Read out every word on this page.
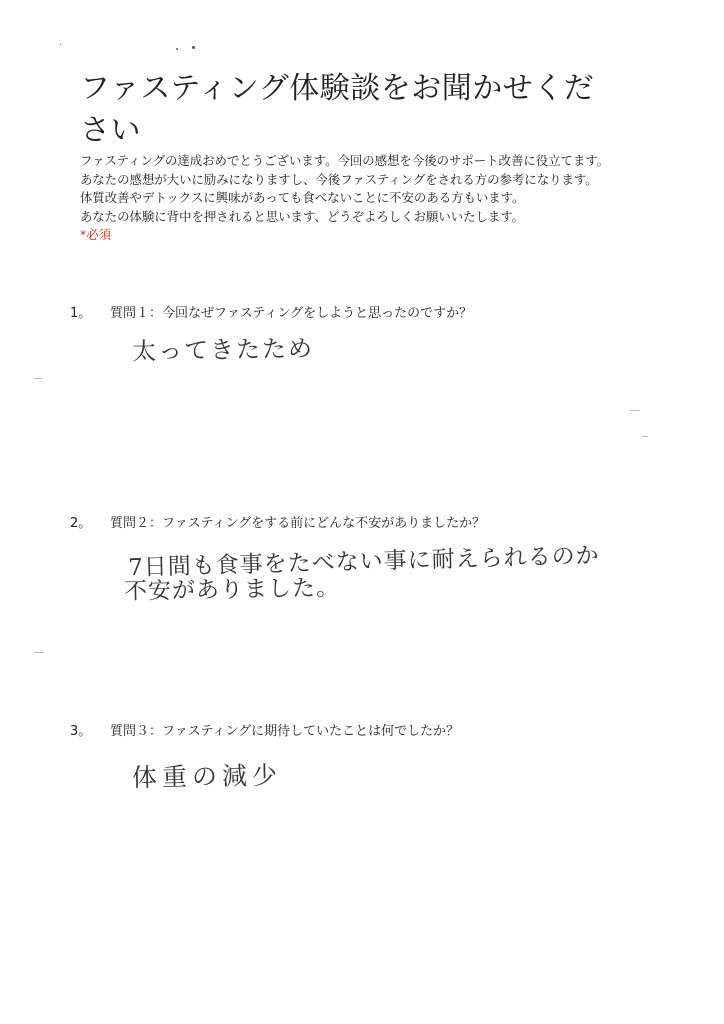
ファスティング体験談をお聞かせください

ファスティングの達成おめでとうございます。今回の感想を今後のサポート改善に役立てます。

あなたの感想が大いに励みになりますし、今後ファスティングをされる方の参考になります。

体質改善やデトックスに興味があっても食べないことに不安のある方もいます。

あなたの体験に背中を押されると思います、どうぞよろしくお願いいたします。

*必須

1。 質問１：今回なぜファスティングをしようと思ったのですか？
太ってきたため
2。 質問２：ファスティングをする前にどんな不安がありましたか？
7日間も食事をたべない事に耐えられるのか
不安がありました。
3。 質問３：ファスティングに期待していたことは何でしたか？
体重の減少
